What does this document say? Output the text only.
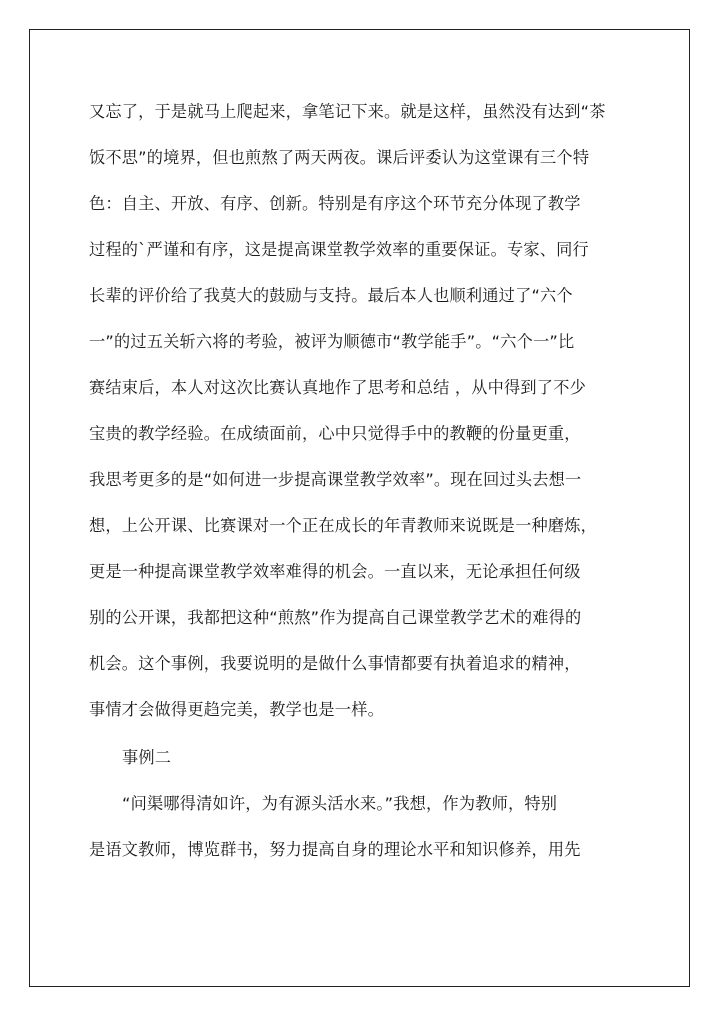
又忘了，于是就马上爬起来，拿笔记下来。就是这样，虽然没有达到“茶
饭不思”的境界，但也煎熬了两天两夜。课后评委认为这堂课有三个特
色：自主、开放、有序、创新。特别是有序这个环节充分体现了教学
过程的`严谨和有序，这是提高课堂教学效率的重要保证。专家、同行
长辈的评价给了我莫大的鼓励与支持。最后本人也顺利通过了“六个
一”的过五关斩六将的考验，被评为顺德市“教学能手”。“六个一”比
赛结束后，本人对这次比赛认真地作了思考和总结 ，从中得到了不少
宝贵的教学经验。在成绩面前，心中只觉得手中的教鞭的份量更重，
我思考更多的是“如何进一步提高课堂教学效率”。现在回过头去想一
想，上公开课、比赛课对一个正在成长的年青教师来说既是一种磨炼，
更是一种提高课堂教学效率难得的机会。一直以来，无论承担任何级
别的公开课，我都把这种“煎熬”作为提高自己课堂教学艺术的难得的
机会。这个事例，我要说明的是做什么事情都要有执着追求的精神，
事情才会做得更趋完美，教学也是一样。
事例二
“问渠哪得清如许，为有源头活水来。”我想，作为教师，特别
是语文教师，博览群书，努力提高自身的理论水平和知识修养，用先
